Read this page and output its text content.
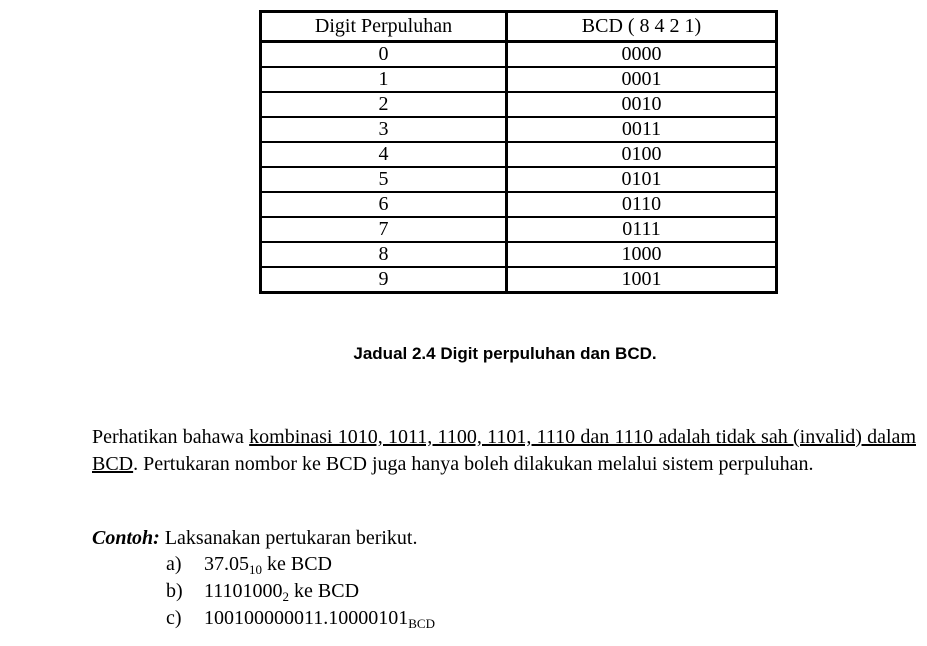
Digit Perpuluhan	BCD ( 8 4 2 1)
0	0000
1	0001
2	0010
3	0011
4	0100
5	0101
6	0110
7	0111
8	1000
9	1001
Jadual 2.4 Digit perpuluhan dan BCD.

Perhatikan bahawa kombinasi 1010, 1011, 1100, 1101, 1110 dan 1110 adalah tidak sah (invalid) dalam BCD. Pertukaran nombor ke BCD juga hanya boleh dilakukan melalui sistem perpuluhan.

Contoh: Laksanakan pertukaran berikut.
a)	$37.05_{10}$ ke BCD
b)	$11101000_2$ ke BCD
c)	$100100000011.10000101_{BCD}$
